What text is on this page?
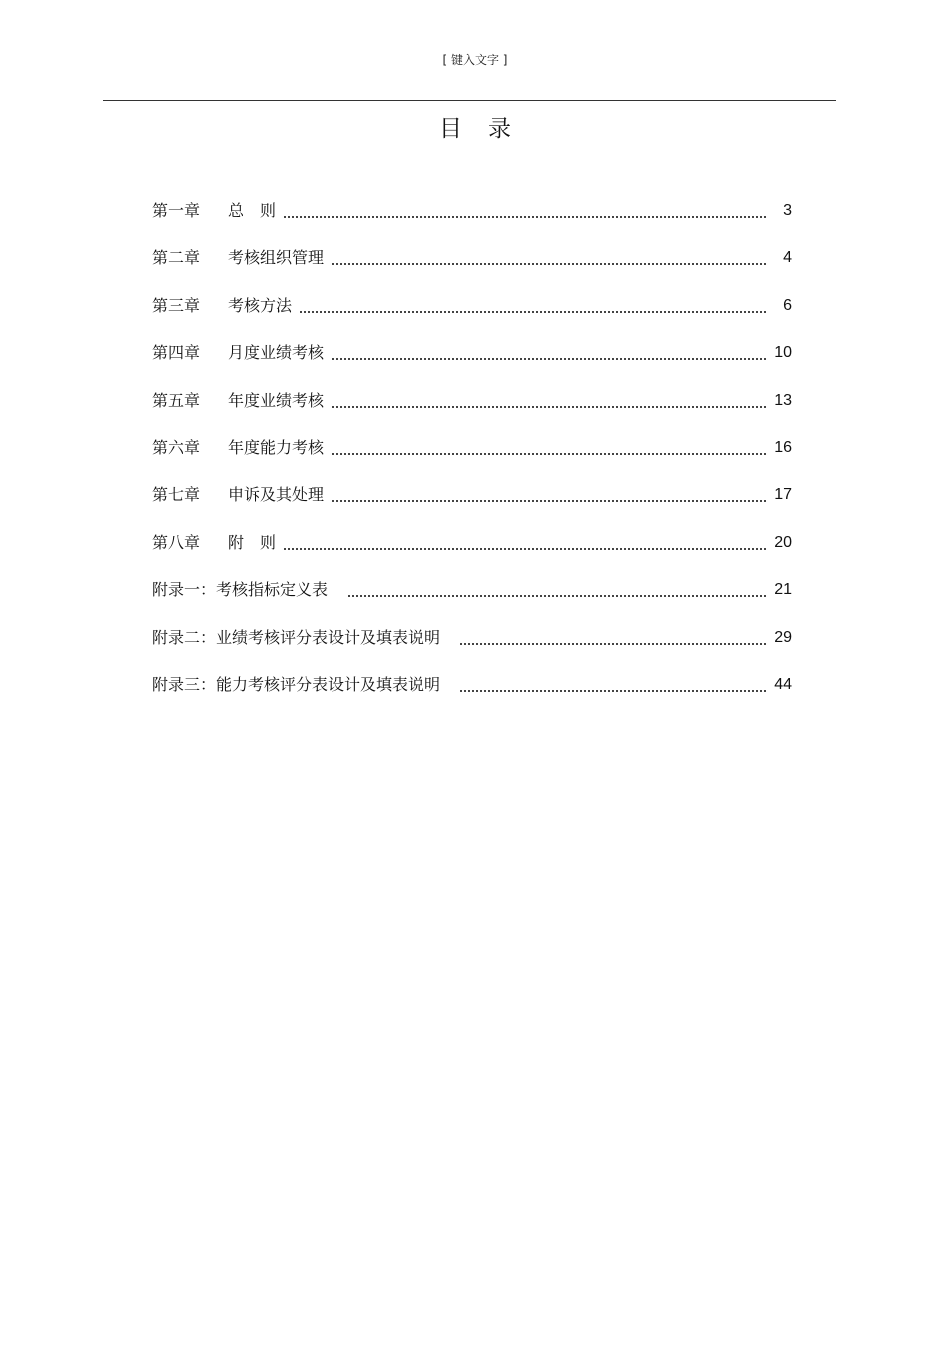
[ 键入文字 ]
目录
第一章	总　则	3
第二章	考核组织管理	4
第三章	考核方法	6
第四章	月度业绩考核	10
第五章	年度业绩考核	13
第六章	年度能力考核	16
第七章	申诉及其处理	17
第八章	附　则	20
附录一：考核指标定义表	21
附录二：业绩考核评分表设计及填表说明	29
附录三：能力考核评分表设计及填表说明	44
